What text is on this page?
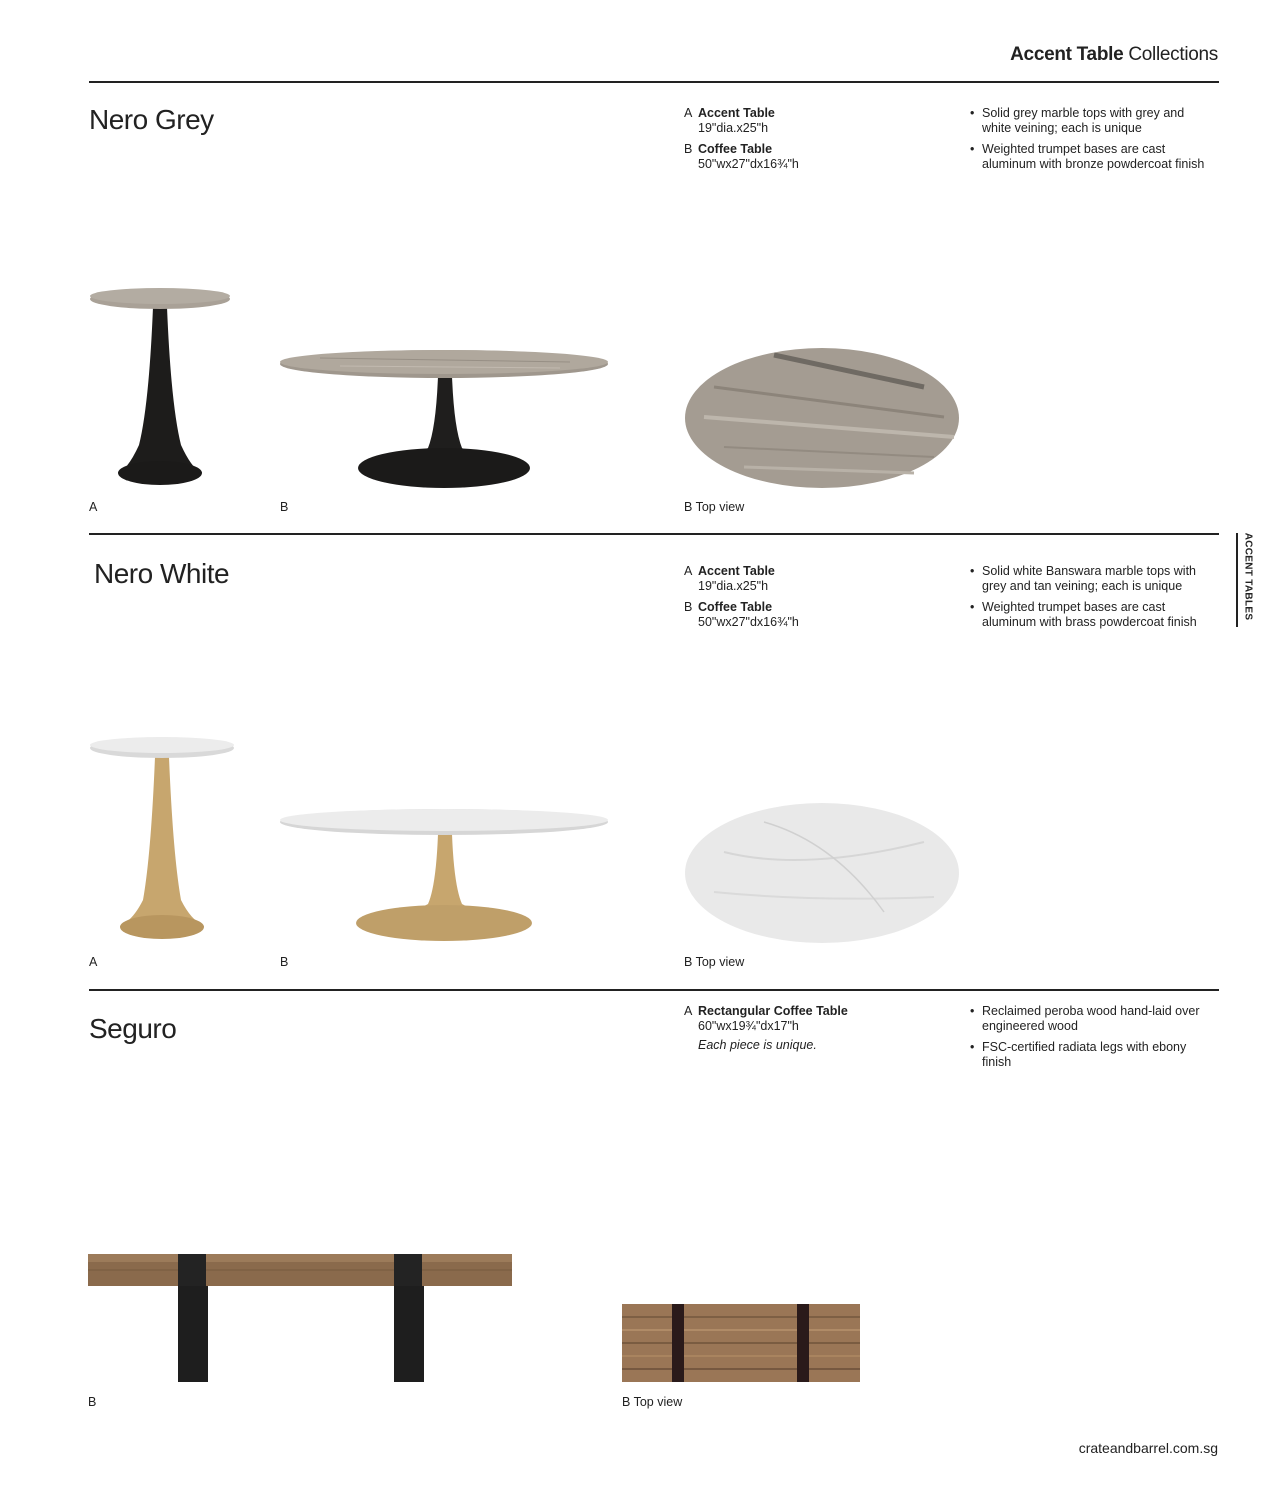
Accent Table Collections
ACCENT TABLES
Nero Grey	A Accent Table
19"dia.x25"h
B Coffee Table
50"wx27"dx16¾"h
• Solid grey marble tops with grey and white veining; each is unique
• Weighted trumpet bases are cast aluminum with bronze powdercoat finish
A	B	B Top view
Nero White	A Accent Table
19"dia.x25"h
B Coffee Table
50"wx27"dx16¾"h
• Solid white Banswara marble tops with grey and tan veining; each is unique
• Weighted trumpet bases are cast aluminum with brass powdercoat finish
A	B	B Top view
Seguro
A Rectangular Coffee Table
60"wx19¾"dx17"h
Each piece is unique.
• Reclaimed peroba wood hand-laid over engineered wood
• FSC-certified radiata legs with ebony finish
B	B Top view
crateandbarrel.com.sg
